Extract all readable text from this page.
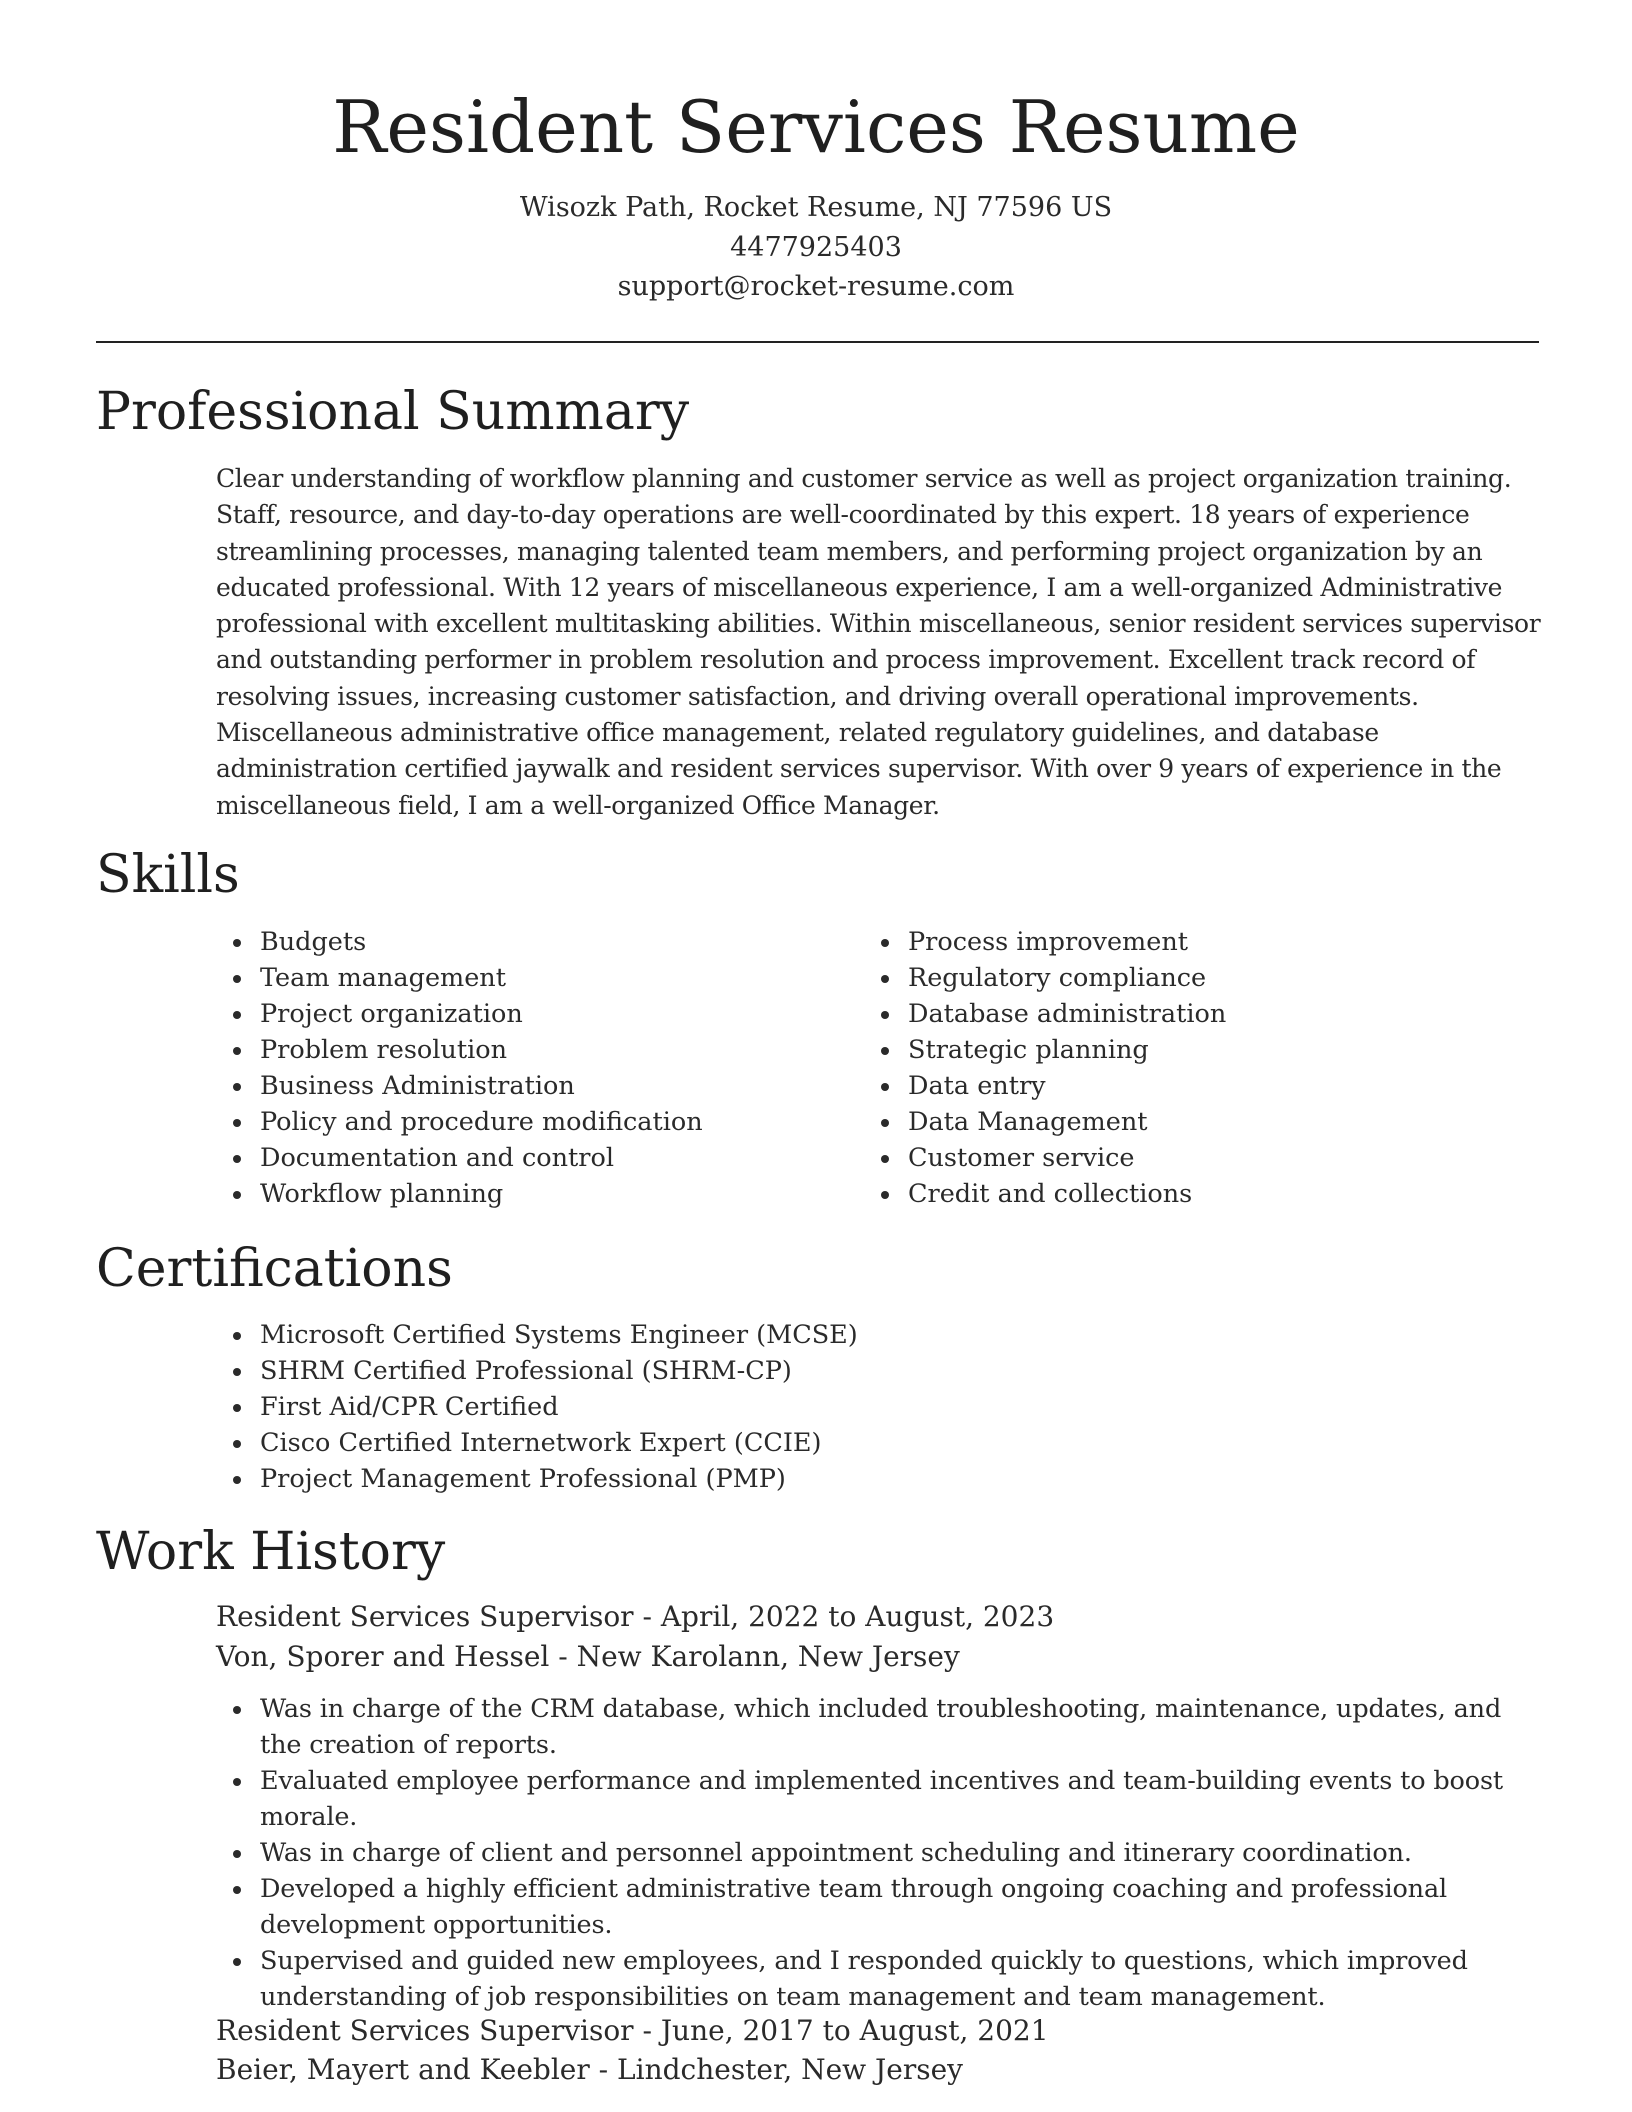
Resident Services Resume
Wisozk Path, Rocket Resume, NJ 77596 US
4477925403
support@rocket-resume.com
Professional Summary

Clear understanding of workflow planning and customer service as well as project organization training. Staff, resource, and day-to-day operations are well-coordinated by this expert. 18 years of experience streamlining processes, managing talented team members, and performing project organization by an educated professional. With 12 years of miscellaneous experience, I am a well-organized Administrative professional with excellent multitasking abilities. Within miscellaneous, senior resident services supervisor and outstanding performer in problem resolution and process improvement. Excellent track record of resolving issues, increasing customer satisfaction, and driving overall operational improvements. Miscellaneous administrative office management, related regulatory guidelines, and database administration certified jaywalk and resident services supervisor. With over 9 years of experience in the miscellaneous field, I am a well-organized Office Manager.

Skills
Budgets
Team management
Project organization
Problem resolution
Business Administration
Policy and procedure modification
Documentation and control
Workflow planning
Process improvement
Regulatory compliance
Database administration
Strategic planning
Data entry
Data Management
Customer service
Credit and collections
Certifications
Microsoft Certified Systems Engineer (MCSE)
SHRM Certified Professional (SHRM-CP)
First Aid/CPR Certified
Cisco Certified Internetwork Expert (CCIE)
Project Management Professional (PMP)
Work History
Resident Services Supervisor - April, 2022 to August, 2023
Von, Sporer and Hessel - New Karolann, New Jersey
Was in charge of the CRM database, which included troubleshooting, maintenance, updates, and the creation of reports.
Evaluated employee performance and implemented incentives and team-building events to boost morale.
Was in charge of client and personnel appointment scheduling and itinerary coordination.
Developed a highly efficient administrative team through ongoing coaching and professional development opportunities.
Supervised and guided new employees, and I responded quickly to questions, which improved understanding of job responsibilities on team management and team management.
Resident Services Supervisor - June, 2017 to August, 2021
Beier, Mayert and Keebler - Lindchester, New Jersey
